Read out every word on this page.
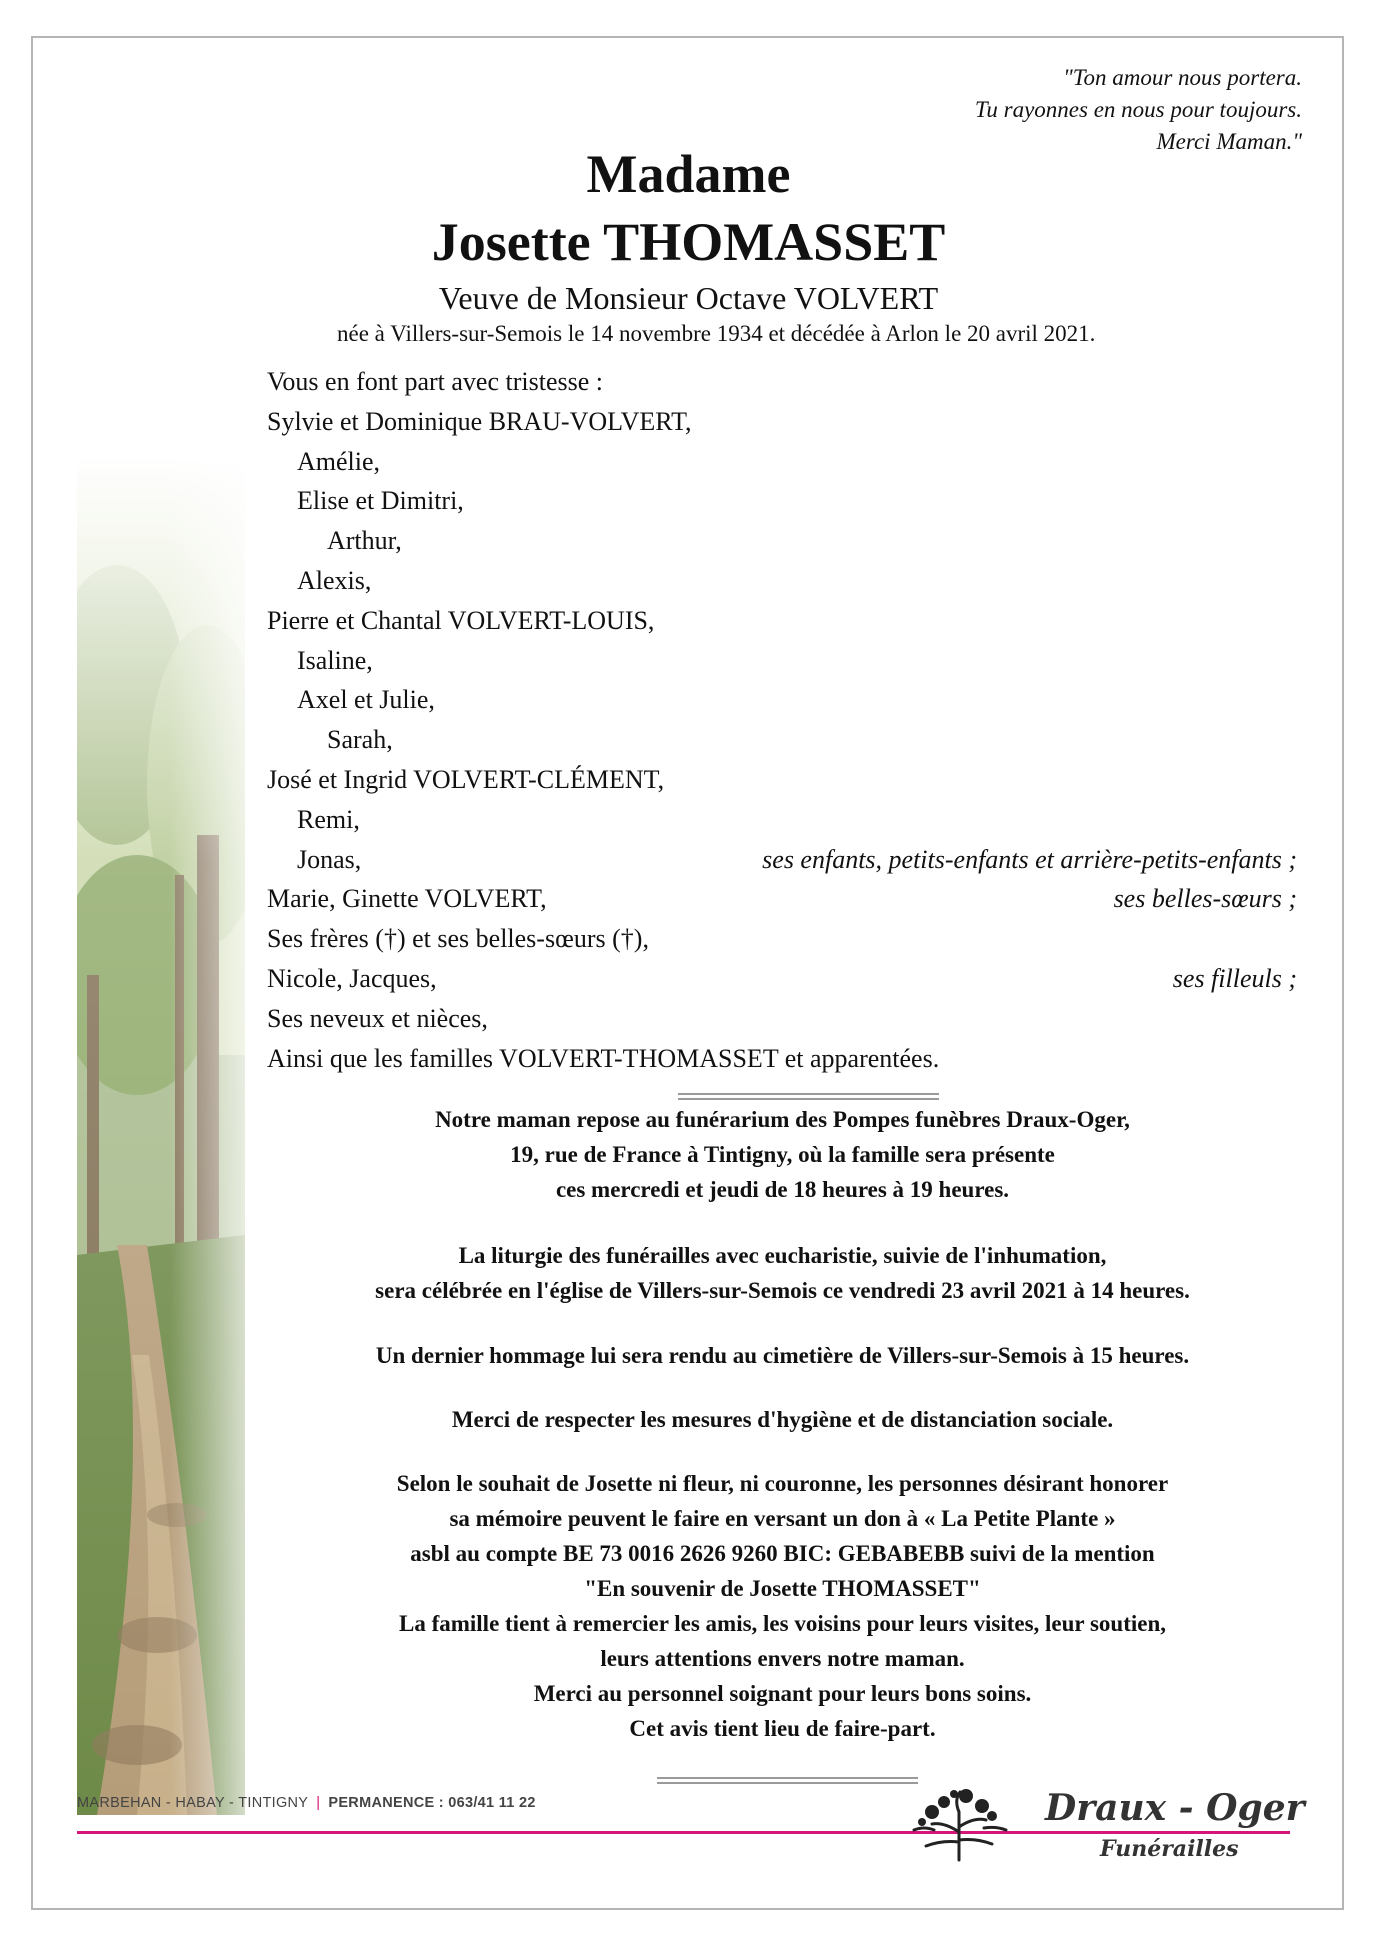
"Ton amour nous portera.
Tu rayonnes en nous pour toujours.
Merci Maman."
Madame
Josette THOMASSET
Veuve de Monsieur Octave VOLVERT
née à Villers-sur-Semois le 14 novembre 1934 et décédée à Arlon le 20 avril 2021.
Vous en font part avec tristesse :
Sylvie et Dominique BRAU-VOLVERT,
Amélie,
Elise et Dimitri,
Arthur,
Alexis,
Pierre et Chantal VOLVERT-LOUIS,
Isaline,
Axel et Julie,
Sarah,
José et Ingrid VOLVERT-CLÉMENT,
Remi,
Jonas,	ses enfants, petits-enfants et arrière-petits-enfants ;
Marie, Ginette VOLVERT,	ses belles-sœurs ;
Ses frères (†) et ses belles-sœurs (†),
Nicole, Jacques,	ses filleuls ;
Ses neveux et nièces,
Ainsi que les familles VOLVERT-THOMASSET et apparentées.
Notre maman repose au funérarium des Pompes funèbres Draux-Oger,
19, rue de France à Tintigny, où la famille sera présente
ces mercredi et jeudi de 18 heures à 19 heures.
La liturgie des funérailles avec eucharistie, suivie de l'inhumation,
sera célébrée en l'église de Villers-sur-Semois ce vendredi 23 avril 2021 à 14 heures.
Un dernier hommage lui sera rendu au cimetière de Villers-sur-Semois à 15 heures.
Merci de respecter les mesures d'hygiène et de distanciation sociale.
Selon le souhait de Josette ni fleur, ni couronne, les personnes désirant honorer
sa mémoire peuvent le faire en versant un don à « La Petite Plante »
asbl au compte BE 73 0016 2626 9260 BIC: GEBABEBB suivi de la mention
"En souvenir de Josette THOMASSET"
La famille tient à remercier les amis, les voisins pour leurs visites, leur soutien,
leurs attentions envers notre maman.
Merci au personnel soignant pour leurs bons soins.
Cet avis tient lieu de faire-part.
MARBEHAN - HABAY - TINTIGNY | PERMANENCE : 063/41 11 22	Draux - Oger
Funérailles
